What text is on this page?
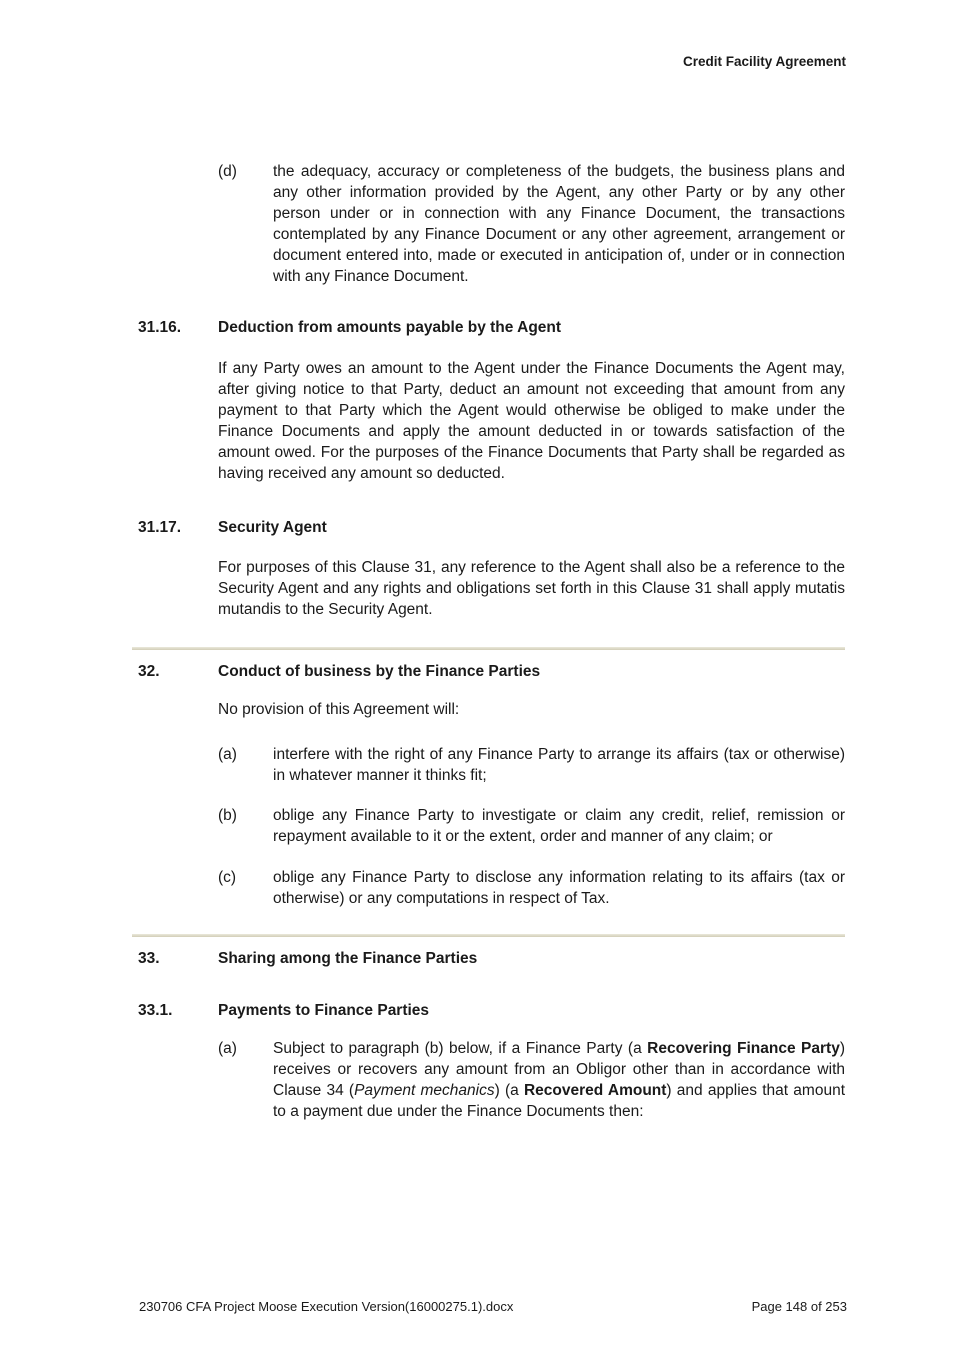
Credit Facility Agreement
(d)	the adequacy, accuracy or completeness of the budgets, the business plans and any other information provided by the Agent, any other Party or by any other person under or in connection with any Finance Document, the transactions contemplated by any Finance Document or any other agreement, arrangement or document entered into, made or executed in anticipation of, under or in connection with any Finance Document.

31.16.	Deduction from amounts payable by the Agent

If any Party owes an amount to the Agent under the Finance Documents the Agent may, after giving notice to that Party, deduct an amount not exceeding that amount from any payment to that Party which the Agent would otherwise be obliged to make under the Finance Documents and apply the amount deducted in or towards satisfaction of the amount owed. For the purposes of the Finance Documents that Party shall be regarded as having received any amount so deducted.

31.17.	Security Agent

For purposes of this Clause 31, any reference to the Agent shall also be a reference to the Security Agent and any rights and obligations set forth in this Clause 31 shall apply mutatis mutandis to the Security Agent.

32.	Conduct of business by the Finance Parties

No provision of this Agreement will:

(a)	interfere with the right of any Finance Party to arrange its affairs (tax or otherwise) in whatever manner it thinks fit;

(b)	oblige any Finance Party to investigate or claim any credit, relief, remission or repayment available to it or the extent, order and manner of any claim; or

(c)	oblige any Finance Party to disclose any information relating to its affairs (tax or otherwise) or any computations in respect of Tax.

33.	Sharing among the Finance Parties
33.1.	Payments to Finance Parties
(a)	Subject to paragraph (b) below, if a Finance Party (a Recovering Finance Party) receives or recovers any amount from an Obligor other than in accordance with Clause 34 (Payment mechanics) (a Recovered Amount) and applies that amount to a payment due under the Finance Documents then:

230706 CFA Project Moose Execution Version(16000275.1).docx	Page 148 of 253
